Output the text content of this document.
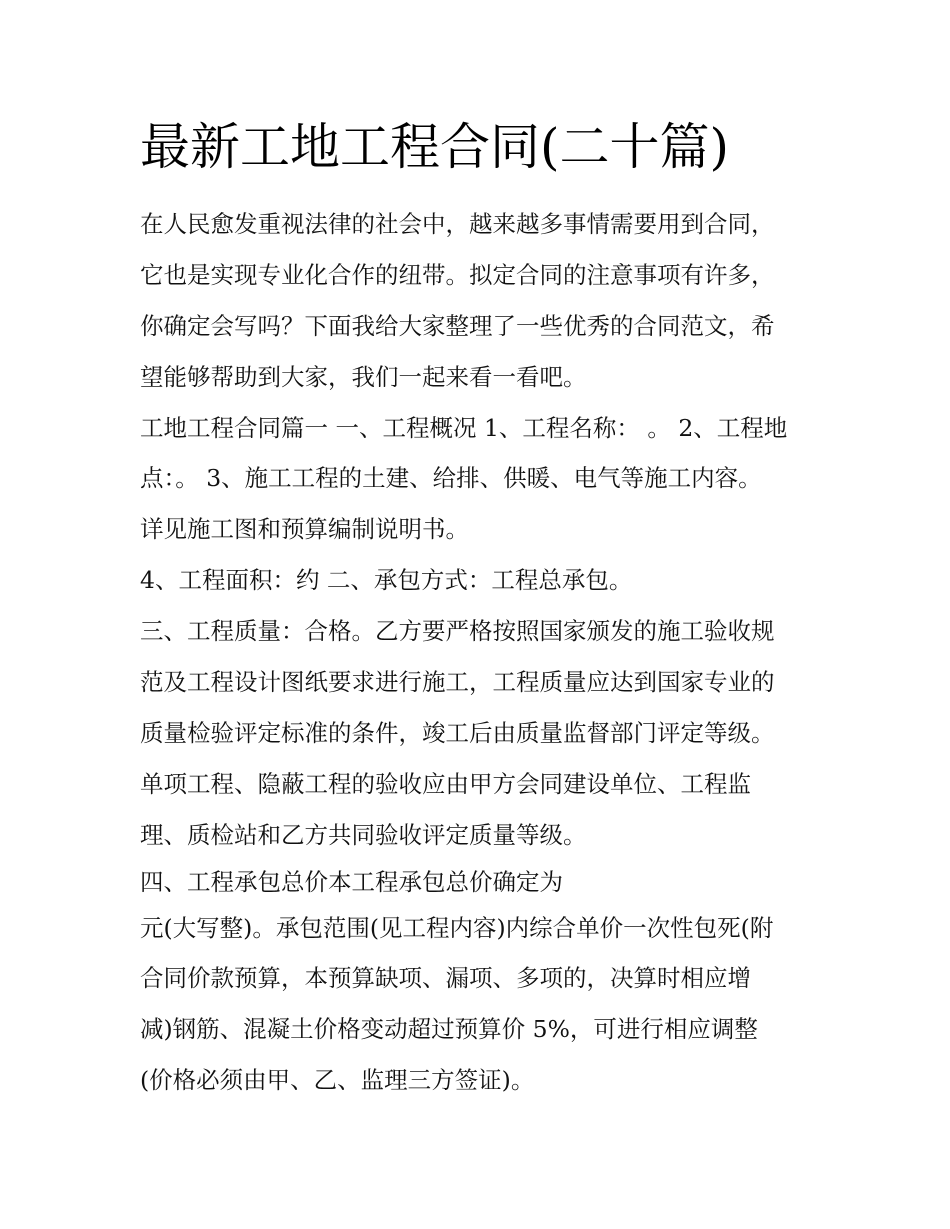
最新工地工程合同(二十篇)
在人民愈发重视法律的社会中，越来越多事情需要用到合同，
它也是实现专业化合作的纽带。拟定合同的注意事项有许多，
你确定会写吗？下面我给大家整理了一些优秀的合同范文，希
望能够帮助到大家，我们一起来看一看吧。
工地工程合同篇一 一、工程概况 1、工程名称： 。 2、工程地
点：。 3、施工工程的土建、给排、供暖、电气等施工内容。
详见施工图和预算编制说明书。
4、工程面积：约 二、承包方式：工程总承包。
三、工程质量：合格。乙方要严格按照国家颁发的施工验收规
范及工程设计图纸要求进行施工，工程质量应达到国家专业的
质量检验评定标准的条件，竣工后由质量监督部门评定等级。
单项工程、隐蔽工程的验收应由甲方会同建设单位、工程监
理、质检站和乙方共同验收评定质量等级。
四、工程承包总价本工程承包总价确定为
元(大写整)。承包范围(见工程内容)内综合单价一次性包死(附
合同价款预算，本预算缺项、漏项、多项的，决算时相应增
减)钢筋、混凝土价格变动超过预算价 5%，可进行相应调整
(价格必须由甲、乙、监理三方签证)。
